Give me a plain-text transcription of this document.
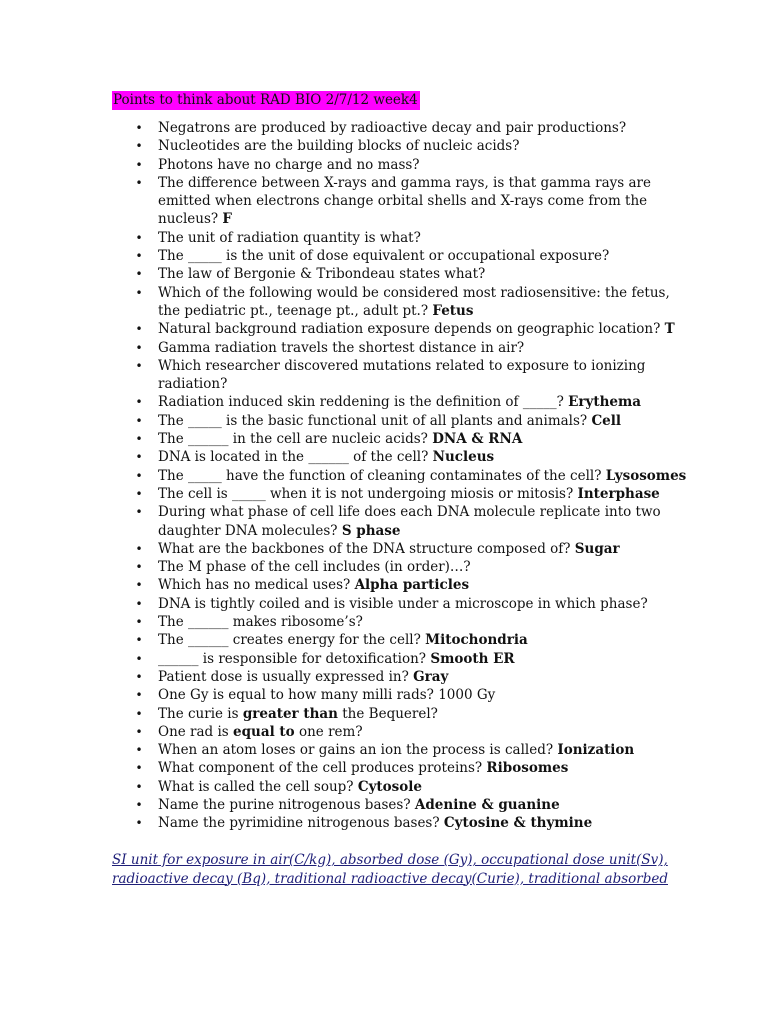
Points to think about RAD BIO 2/7/12 week4
• Negatrons are produced by radioactive decay and pair productions?
• Nucleotides are the building blocks of nucleic acids?
• Photons have no charge and no mass?
• The difference between X-rays and gamma rays, is that gamma rays are
emitted when electrons change orbital shells and X-rays come from the
nucleus? F
• The unit of radiation quantity is what?
• The _____ is the unit of dose equivalent or occupational exposure?
• The law of Bergonie & Tribondeau states what?
• Which of the following would be considered most radiosensitive: the fetus,
the pediatric pt., teenage pt., adult pt.? Fetus
• Natural background radiation exposure depends on geographic location? T
• Gamma radiation travels the shortest distance in air?
• Which researcher discovered mutations related to exposure to ionizing
radiation?
• Radiation induced skin reddening is the definition of _____? Erythema
• The _____ is the basic functional unit of all plants and animals? Cell
• The ______ in the cell are nucleic acids? DNA & RNA
• DNA is located in the ______ of the cell? Nucleus
• The _____ have the function of cleaning contaminates of the cell? Lysosomes
• The cell is _____ when it is not undergoing miosis or mitosis? Interphase
• During what phase of cell life does each DNA molecule replicate into two
daughter DNA molecules? S phase
• What are the backbones of the DNA structure composed of? Sugar
• The M phase of the cell includes (in order)…?
• Which has no medical uses? Alpha particles
• DNA is tightly coiled and is visible under a microscope in which phase?
• The ______ makes ribosome’s?
• The ______ creates energy for the cell? Mitochondria
• ______ is responsible for detoxification? Smooth ER
• Patient dose is usually expressed in? Gray
• One Gy is equal to how many milli rads? 1000 Gy
• The curie is greater than the Bequerel?
• One rad is equal to one rem?
• When an atom loses or gains an ion the process is called? Ionization
• What component of the cell produces proteins? Ribosomes
• What is called the cell soup? Cytosole
• Name the purine nitrogenous bases? Adenine & guanine
• Name the pyrimidine nitrogenous bases? Cytosine & thymine
SI unit for exposure in air(C/kg), absorbed dose (Gy), occupational dose unit(Sv),
radioactive decay (Bq), traditional radioactive decay(Curie), traditional absorbed
